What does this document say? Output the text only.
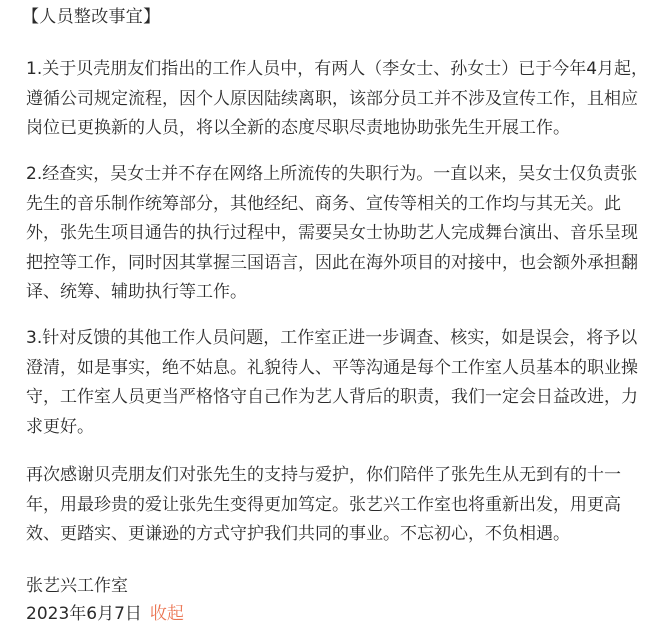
【人员整改事宜】

1.关于贝壳朋友们指出的工作人员中，有两人（李女士、孙女士）已于今年4月起，
遵循公司规定流程，因个人原因陆续离职，该部分员工并不涉及宣传工作，且相应
岗位已更换新的人员，将以全新的态度尽职尽责地协助张先生开展工作。

2.经查实，吴女士并不存在网络上所流传的失职行为。一直以来，吴女士仅负责张
先生的音乐制作统筹部分，其他经纪、商务、宣传等相关的工作均与其无关。此
外，张先生项目通告的执行过程中，需要吴女士协助艺人完成舞台演出、音乐呈现
把控等工作，同时因其掌握三国语言，因此在海外项目的对接中，也会额外承担翻
译、统筹、辅助执行等工作。

3.针对反馈的其他工作人员问题，工作室正进一步调查、核实，如是误会，将予以
澄清，如是事实，绝不姑息。礼貌待人、平等沟通是每个工作室人员基本的职业操
守，工作室人员更当严格恪守自己作为艺人背后的职责，我们一定会日益改进，力
求更好。

再次感谢贝壳朋友们对张先生的支持与爱护，你们陪伴了张先生从无到有的十一
年，用最珍贵的爱让张先生变得更加笃定。张艺兴工作室也将重新出发，用更高
效、更踏实、更谦逊的方式守护我们共同的事业。不忘初心，不负相遇。

张艺兴工作室
2023年6月7日 收起
